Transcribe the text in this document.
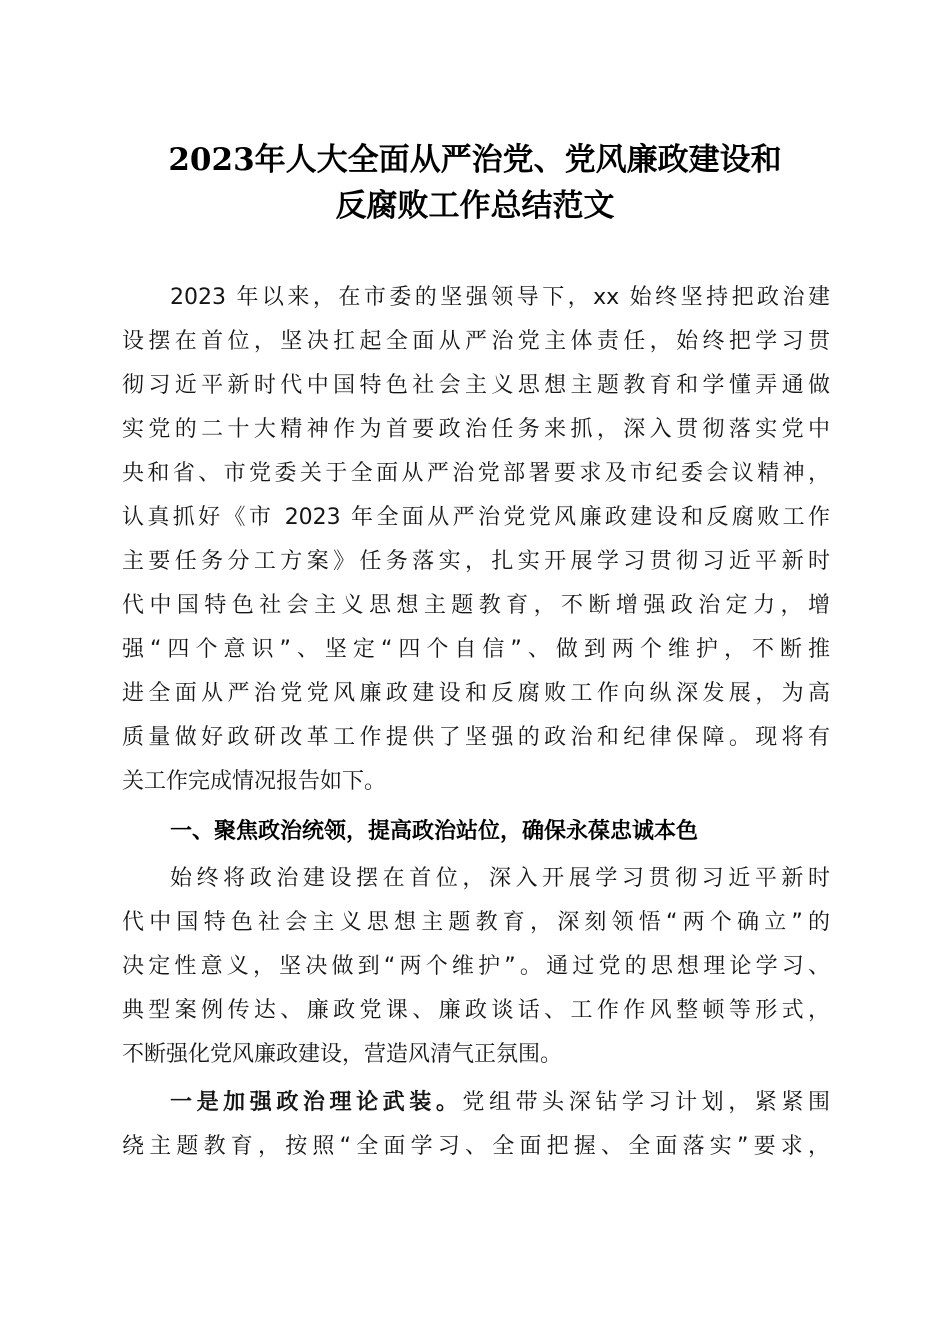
2023年人大全面从严治党、党风廉政建设和
反腐败工作总结范文
2023 年以来，在市委的坚强领导下，xx 始终坚持把政治建
设摆在首位，坚决扛起全面从严治党主体责任，始终把学习贯
彻习近平新时代中国特色社会主义思想主题教育和学懂弄通做
实党的二十大精神作为首要政治任务来抓，深入贯彻落实党中
央和省、市党委关于全面从严治党部署要求及市纪委会议精神，
认真抓好《市 2023 年全面从严治党党风廉政建设和反腐败工作
主要任务分工方案》任务落实，扎实开展学习贯彻习近平新时
代中国特色社会主义思想主题教育，不断增强政治定力，增
强“四个意识”、坚定“四个自信”、做到两个维护，不断推
进全面从严治党党风廉政建设和反腐败工作向纵深发展，为高
质量做好政研改革工作提供了坚强的政治和纪律保障。现将有
关工作完成情况报告如下。
一、聚焦政治统领，提高政治站位，确保永葆忠诚本色
始终将政治建设摆在首位，深入开展学习贯彻习近平新时
代中国特色社会主义思想主题教育，深刻领悟“两个确立”的
决定性意义，坚决做到“两个维护”。通过党的思想理论学习、
典型案例传达、廉政党课、廉政谈话、工作作风整顿等形式，
不断强化党风廉政建设，营造风清气正氛围。
一是加强政治理论武装。党组带头深钻学习计划，紧紧围
绕主题教育，按照“全面学习、全面把握、全面落实”要求，
